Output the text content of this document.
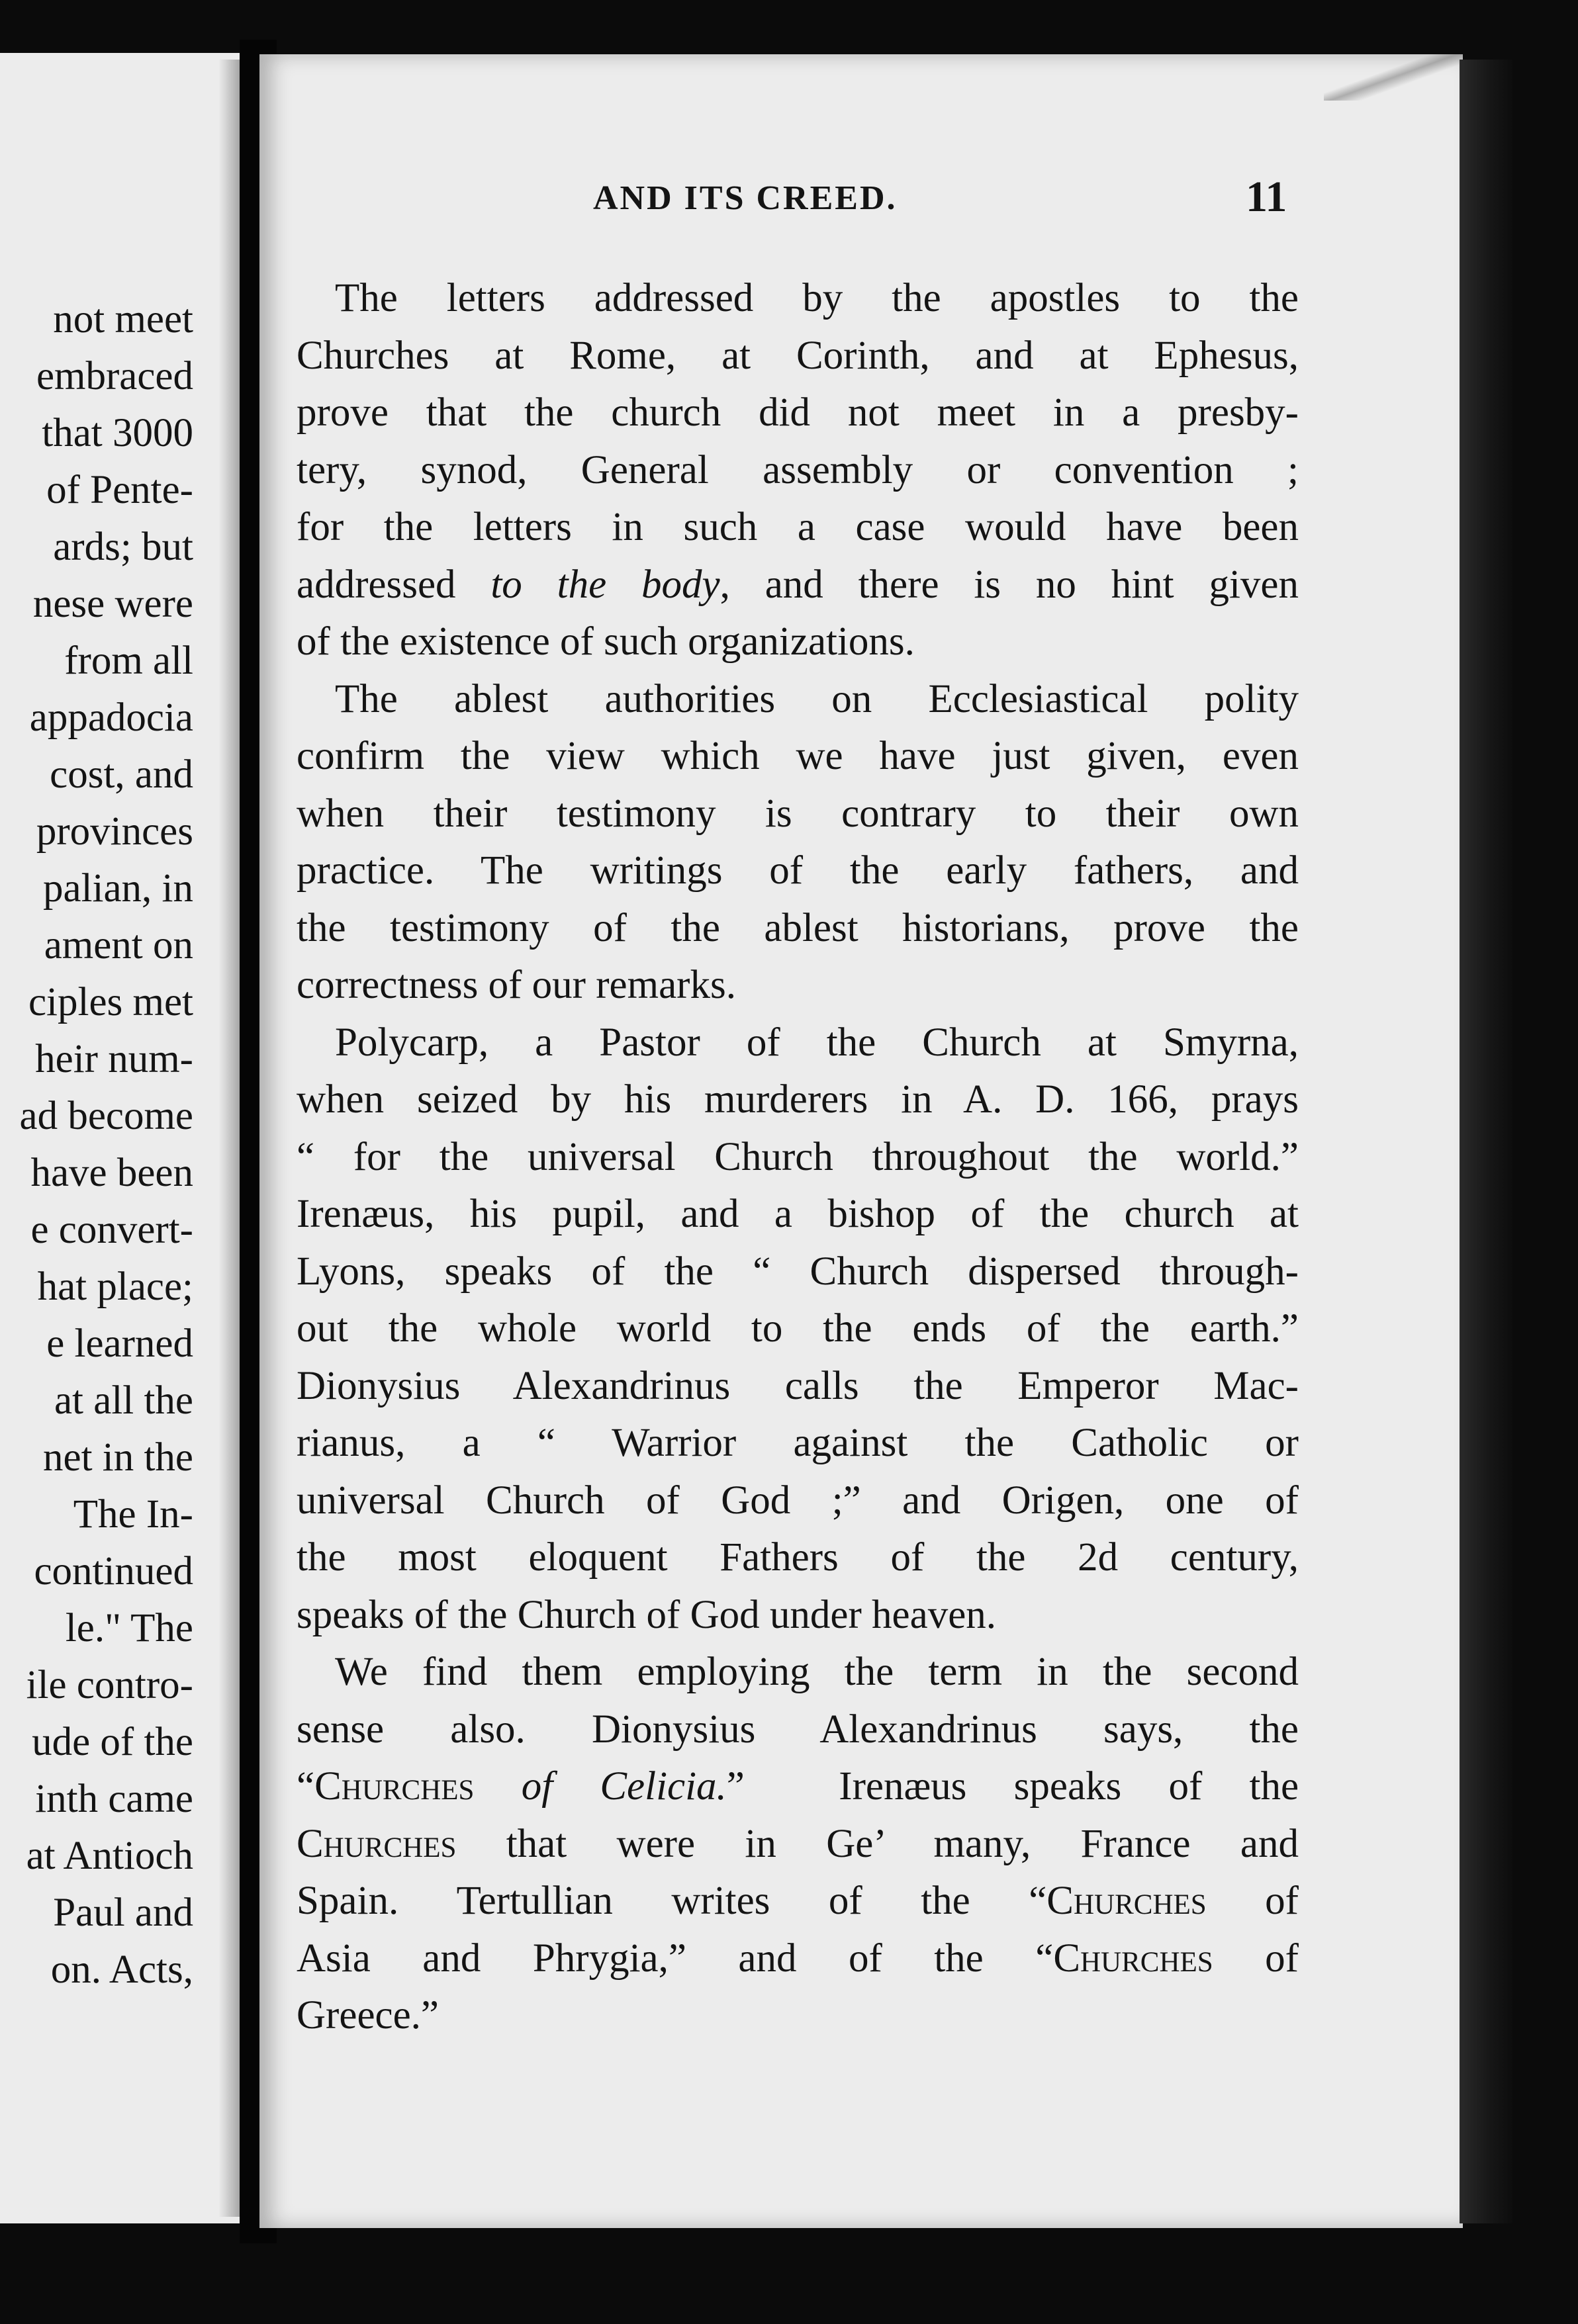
not meet
embraced
that 3000
of Pente-
ards; but
nese were
from all
appadocia
cost, and
provinces
palian, in
ament on
ciples met
heir num-
ad become
have been
e convert-
hat place;
e learned
at all the
net in the
The In-
continued
le." The
ile contro-
ude of the
inth came
at Antioch
Paul and
on. Acts,
AND ITS CREED.	11

The letters addressed by the apostles to the
Churches at Rome, at Corinth, and at Ephesus,
prove that the church did not meet in a presby-
tery, synod, General assembly or convention ;
for the letters in such a case would have been
addressed to the body, and there is no hint given
of the existence of such organizations.

The ablest authorities on Ecclesiastical polity
confirm the view which we have just given, even
when their testimony is contrary to their own
practice. The writings of the early fathers, and
the testimony of the ablest historians, prove the
correctness of our remarks.

Polycarp, a Pastor of the Church at Smyrna,
when seized by his murderers in A. D. 166, prays
“ for the universal Church throughout the world.”
Irenæus, his pupil, and a bishop of the church at
Lyons, speaks of the “ Church dispersed through-
out the whole world to the ends of the earth.”
Dionysius Alexandrinus calls the Emperor Mac-
rianus, a “ Warrior against the Catholic or
universal Church of God ;” and Origen, one of
the most eloquent Fathers of the 2d century,
speaks of the Church of God under heaven.

We find them employing the term in the second
sense also. Dionysius Alexandrinus says, the
“Churches of Celicia.” Irenæus speaks of the
Churches that were in Ge’ many, France and
Spain. Tertullian writes of the “Churches of
Asia and Phrygia,” and of the “Churches of
Greece.”
